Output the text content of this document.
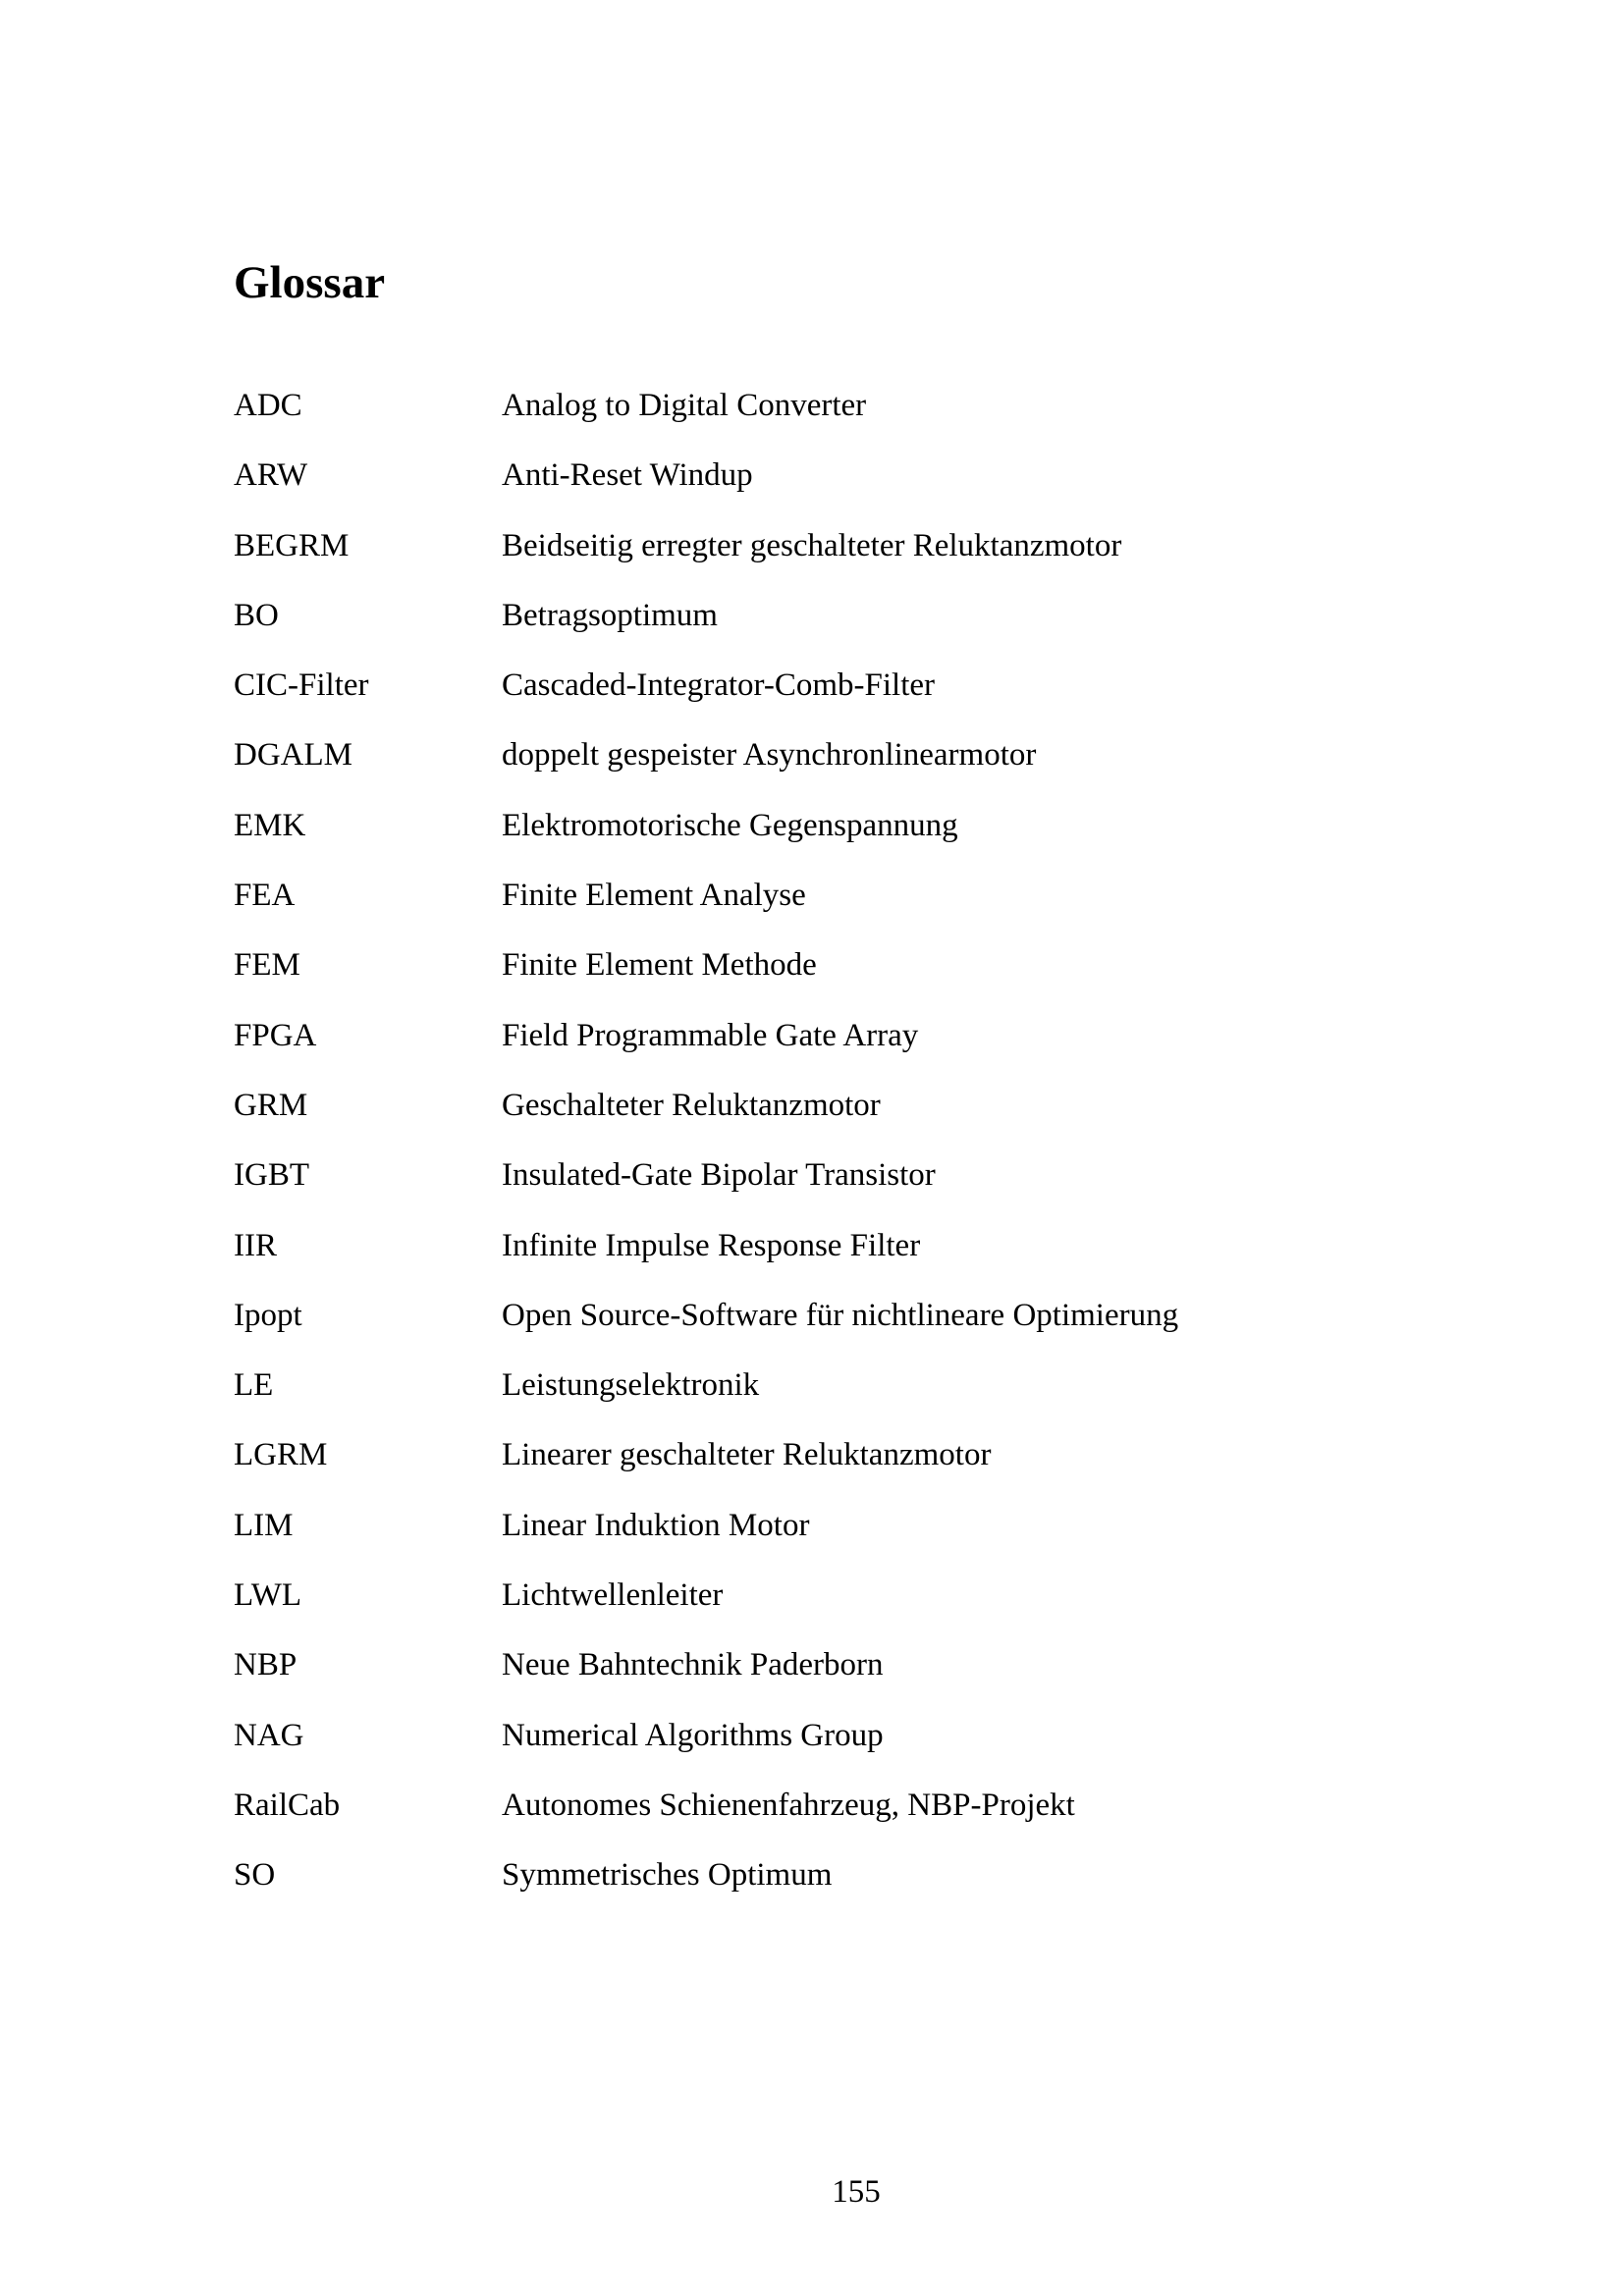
Glossar
ADC	Analog to Digital Converter
ARW	Anti-Reset Windup
BEGRM	Beidseitig erregter geschalteter Reluktanzmotor
BO	Betragsoptimum
CIC-Filter	Cascaded-Integrator-Comb-Filter
DGALM	doppelt gespeister Asynchronlinearmotor
EMK	Elektromotorische Gegenspannung
FEA	Finite Element Analyse
FEM	Finite Element Methode
FPGA	Field Programmable Gate Array
GRM	Geschalteter Reluktanzmotor
IGBT	Insulated-Gate Bipolar Transistor
IIR	Infinite Impulse Response Filter
Ipopt	Open Source-Software für nichtlineare Optimierung
LE	Leistungselektronik
LGRM	Linearer geschalteter Reluktanzmotor
LIM	Linear Induktion Motor
LWL	Lichtwellenleiter
NBP	Neue Bahntechnik Paderborn
NAG	Numerical Algorithms Group
RailCab	Autonomes Schienenfahrzeug, NBP-Projekt
SO	Symmetrisches Optimum
155
